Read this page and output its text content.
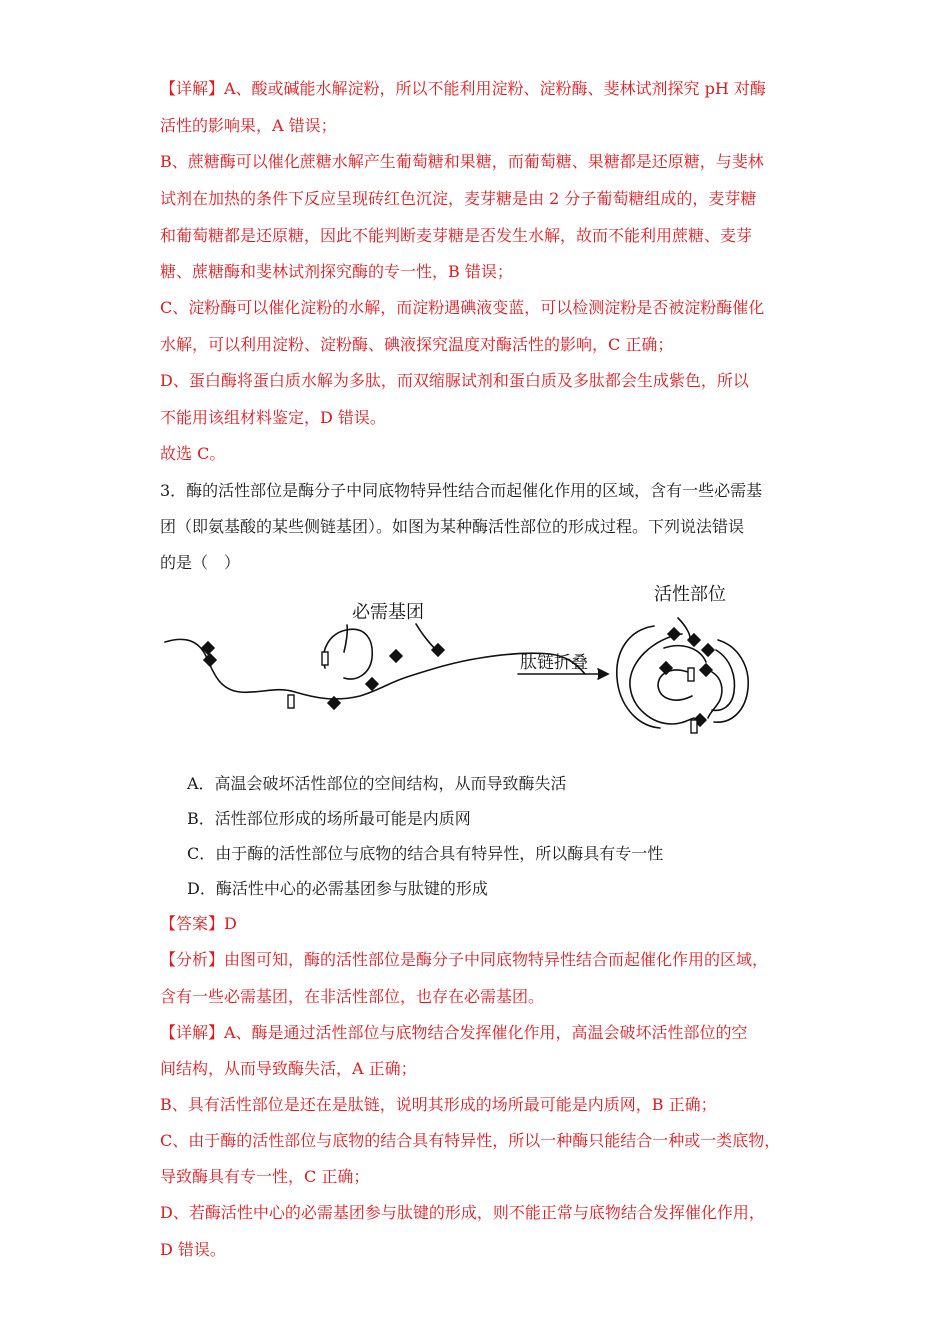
【详解】A、酸或碱能水解淀粉，所以不能利用淀粉、淀粉酶、斐林试剂探究 pH 对酶
活性的影响果，A 错误；
B、蔗糖酶可以催化蔗糖水解产生葡萄糖和果糖，而葡萄糖、果糖都是还原糖，与斐林
试剂在加热的条件下反应呈现砖红色沉淀，麦芽糖是由 2 分子葡萄糖组成的，麦芽糖
和葡萄糖都是还原糖，因此不能判断麦芽糖是否发生水解，故而不能利用蔗糖、麦芽
糖、蔗糖酶和斐林试剂探究酶的专一性，B 错误；
C、淀粉酶可以催化淀粉的水解，而淀粉遇碘液变蓝，可以检测淀粉是否被淀粉酶催化
水解，可以利用淀粉、淀粉酶、碘液探究温度对酶活性的影响，C 正确；
D、蛋白酶将蛋白质水解为多肽，而双缩脲试剂和蛋白质及多肽都会生成紫色，所以
不能用该组材料鉴定，D 错误。
故选 C。
3．酶的活性部位是酶分子中同底物特异性结合而起催化作用的区域，含有一些必需基
团（即氨基酸的某些侧链基团）。如图为某种酶活性部位的形成过程。下列说法错误
的是（　）
必需基团
肽链折叠
活性部位
A．高温会破坏活性部位的空间结构，从而导致酶失活
B．活性部位形成的场所最可能是内质网
C．由于酶的活性部位与底物的结合具有特异性，所以酶具有专一性
D．酶活性中心的必需基团参与肽键的形成
【答案】D
【分析】由图可知，酶的活性部位是酶分子中同底物特异性结合而起催化作用的区域，
含有一些必需基团，在非活性部位，也存在必需基团。
【详解】A、酶是通过活性部位与底物结合发挥催化作用，高温会破坏活性部位的空
间结构，从而导致酶失活，A 正确；
B、具有活性部位是还在是肽链，说明其形成的场所最可能是内质网，B 正确；
C、由于酶的活性部位与底物的结合具有特异性，所以一种酶只能结合一种或一类底物，
导致酶具有专一性，C 正确；
D、若酶活性中心的必需基团参与肽键的形成，则不能正常与底物结合发挥催化作用，
D 错误。
